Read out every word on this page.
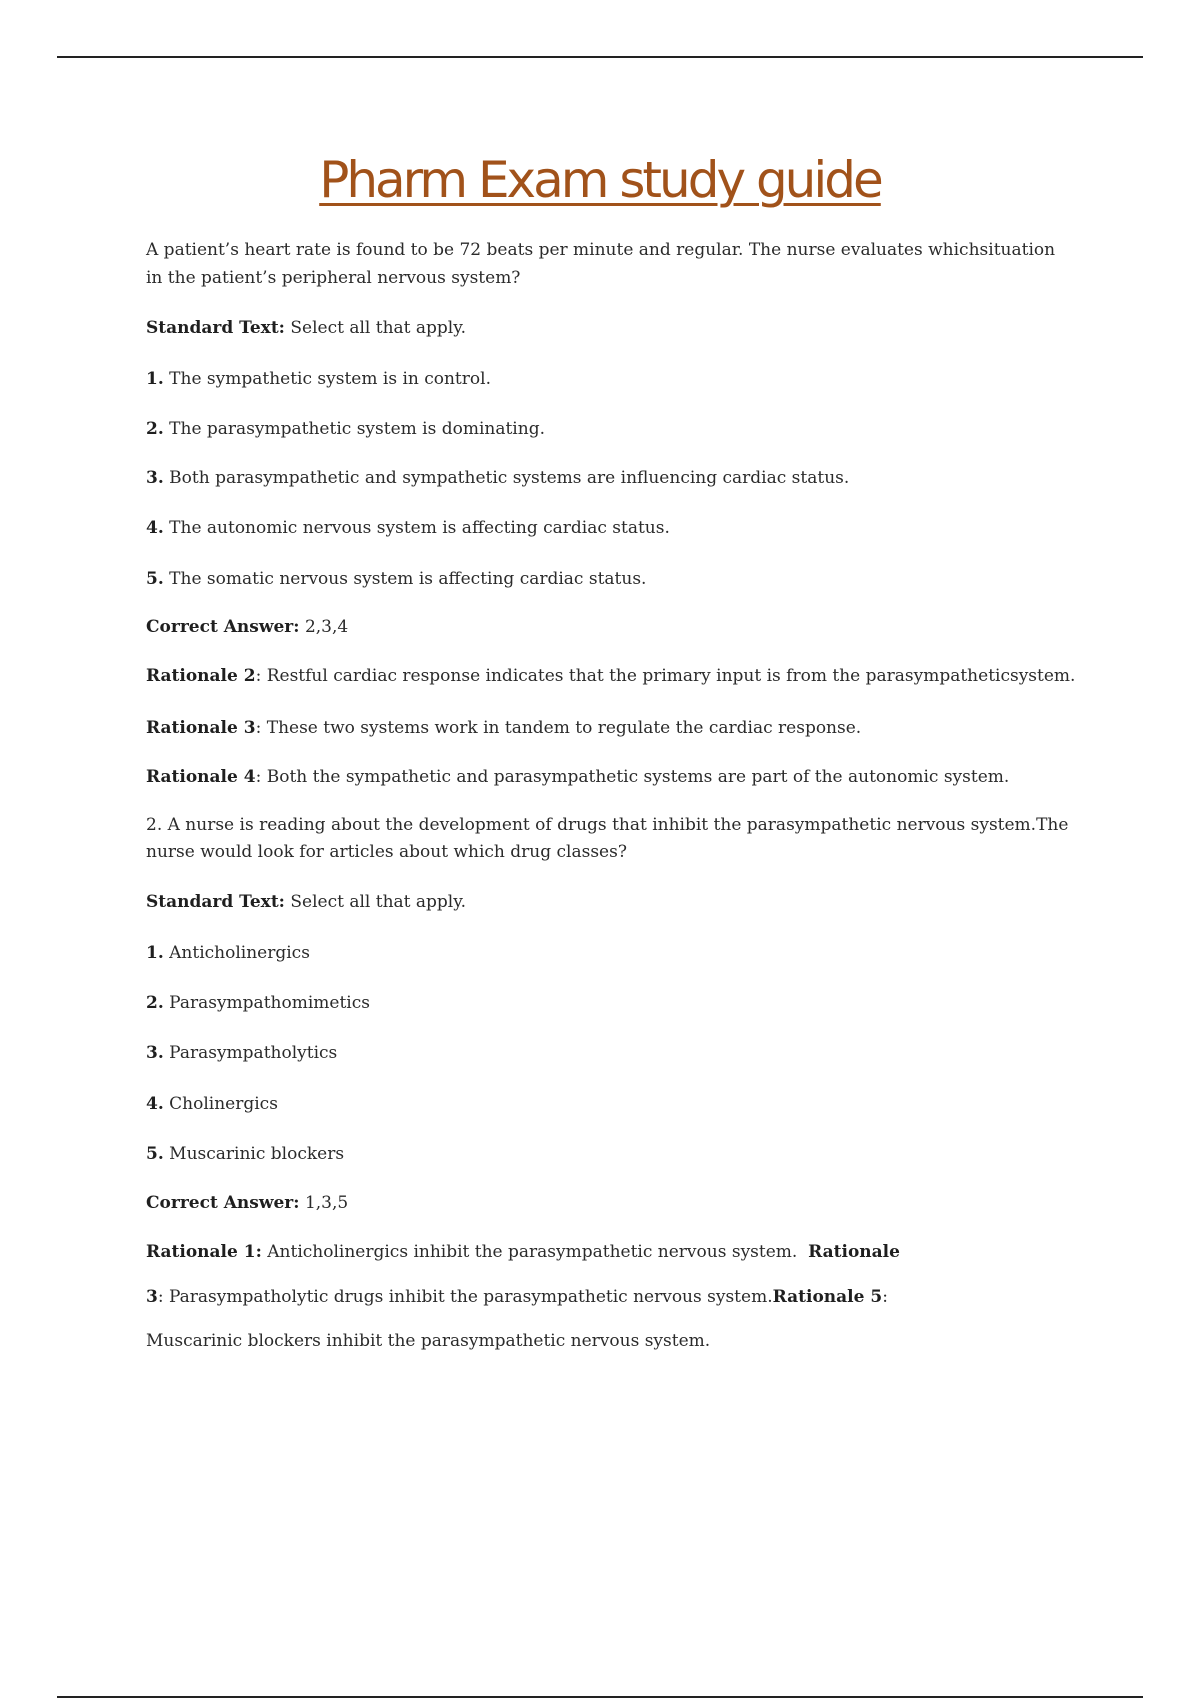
Pharm Exam study guide
A patient’s heart rate is found to be 72 beats per minute and regular. The nurse evaluates whichsituation in the patient’s peripheral nervous system?
Standard Text: Select all that apply.
1. The sympathetic system is in control.
2. The parasympathetic system is dominating.
3. Both parasympathetic and sympathetic systems are influencing cardiac status.
4. The autonomic nervous system is affecting cardiac status.
5. The somatic nervous system is affecting cardiac status.
Correct Answer: 2,3,4
Rationale 2: Restful cardiac response indicates that the primary input is from the parasympatheticsystem.
Rationale 3: These two systems work in tandem to regulate the cardiac response.
Rationale 4: Both the sympathetic and parasympathetic systems are part of the autonomic system.
2. A nurse is reading about the development of drugs that inhibit the parasympathetic nervous system.The
nurse would look for articles about which drug classes?
Standard Text: Select all that apply.
1. Anticholinergics
2. Parasympathomimetics
3. Parasympatholytics
4. Cholinergics
5. Muscarinic blockers
Correct Answer: 1,3,5
Rationale 1: Anticholinergics inhibit the parasympathetic nervous system. Rationale
3: Parasympatholytic drugs inhibit the parasympathetic nervous system.Rationale 5:
Muscarinic blockers inhibit the parasympathetic nervous system.
